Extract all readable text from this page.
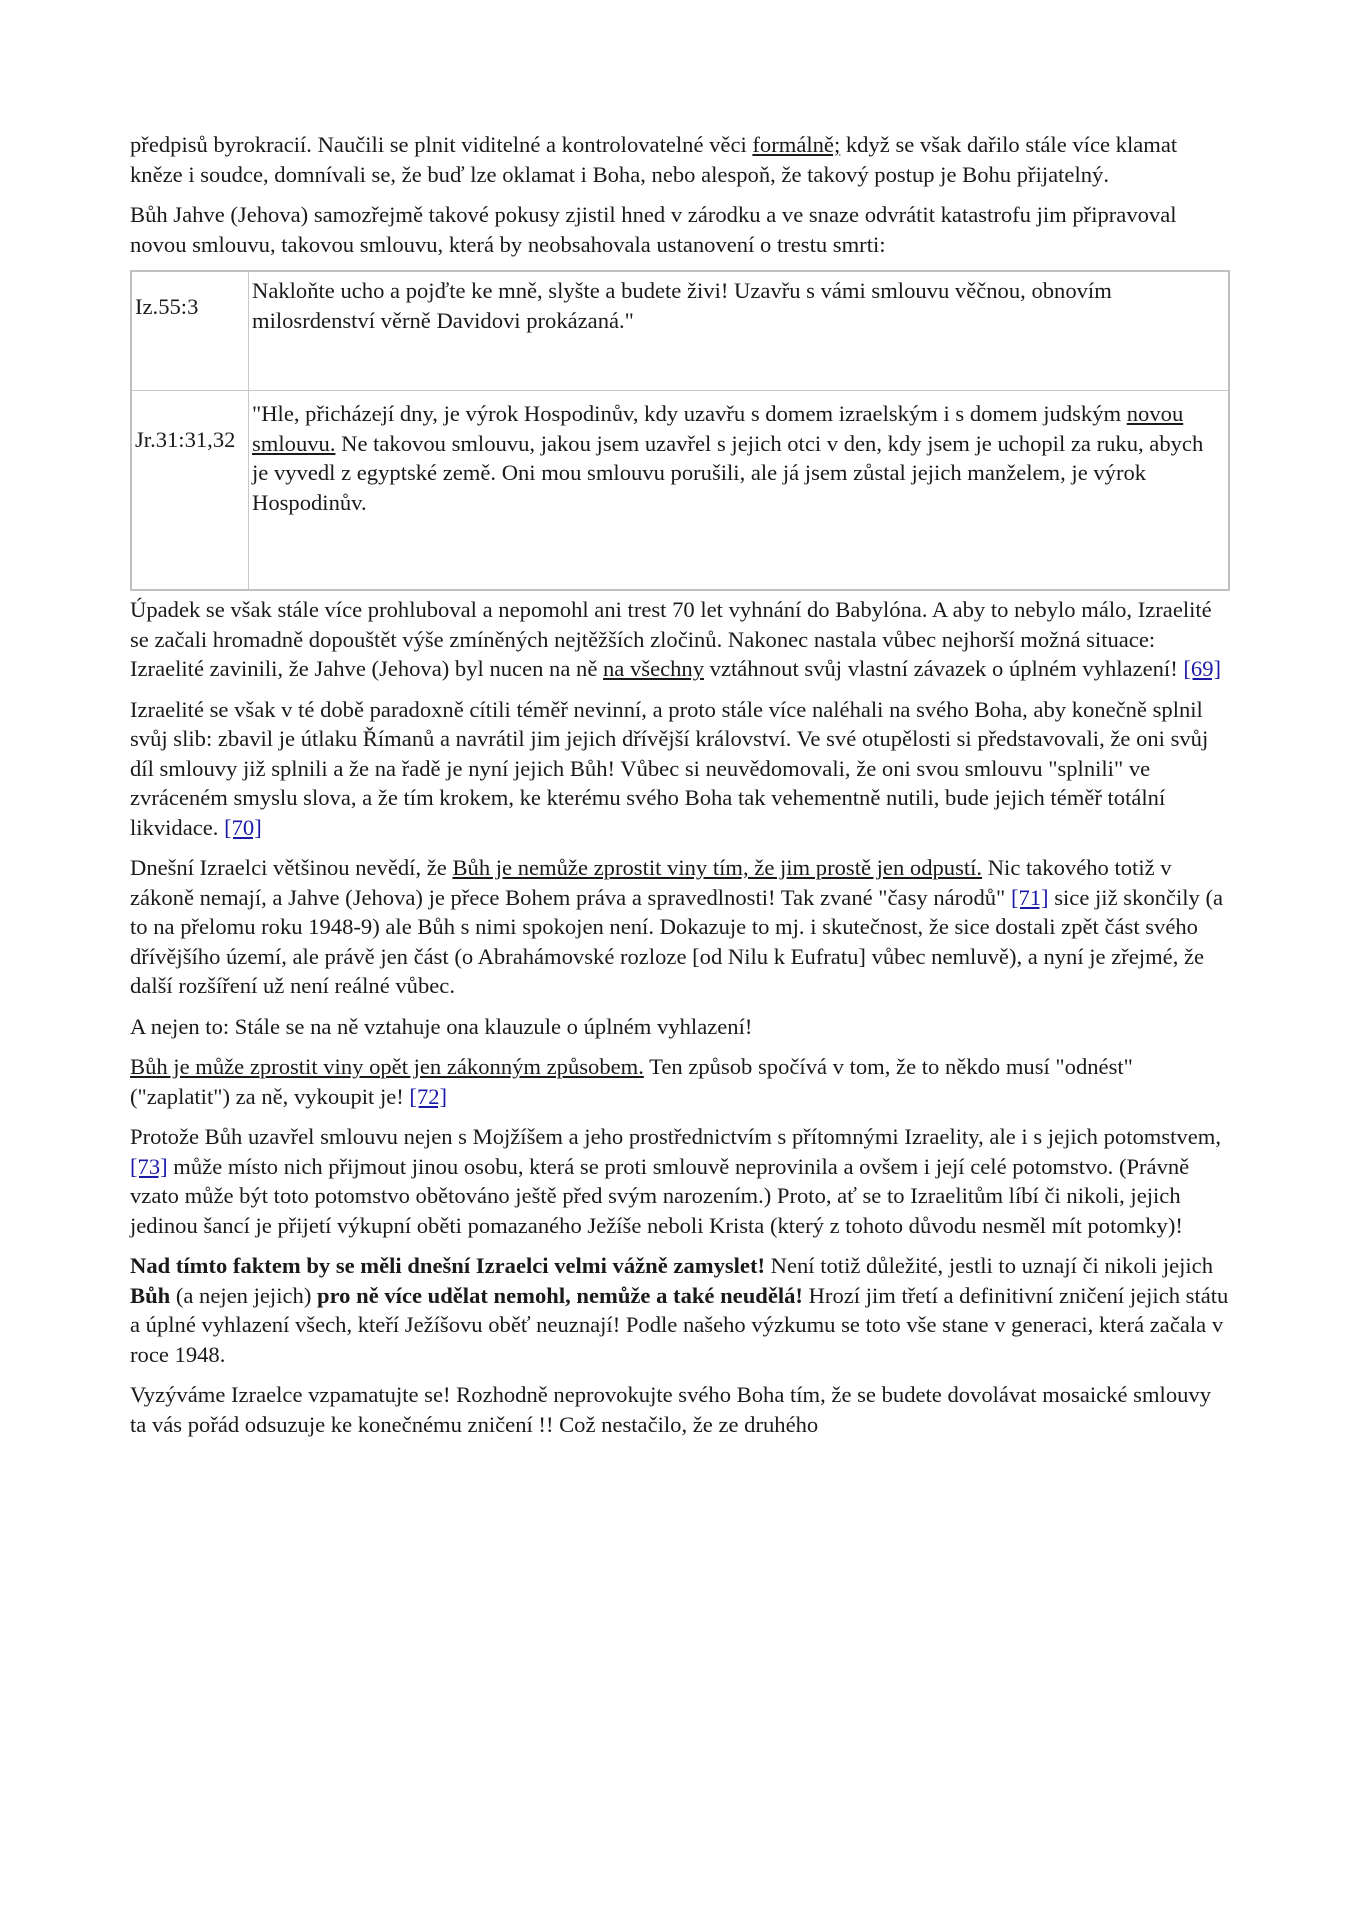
předpisů byrokracií. Naučili se plnit viditelné a kontrolovatelné věci formálně; když se však dařilo stále více klamat kněze i soudce, domnívali se, že buď lze oklamat i Boha, nebo alespoň, že takový postup je Bohu přijatelný.

Bůh Jahve (Jehova) samozřejmě takové pokusy zjistil hned v zárodku a ve snaze odvrátit katastrofu jim připravoval novou smlouvu, takovou smlouvu, která by neobsahovala ustanovení o trestu smrti:

Iz.55:3	Nakloňte ucho a pojďte ke mně, slyšte a budete živi! Uzavřu s vámi smlouvu věčnou, obnovím milosrdenství věrně Davidovi prokázaná."
Jr.31:31,32	"Hle, přicházejí dny, je výrok Hospodinův, kdy uzavřu s domem izraelským i s domem judským novou smlouvu. Ne takovou smlouvu, jakou jsem uzavřel s jejich otci v den, kdy jsem je uchopil za ruku, abych je vyvedl z egyptské země. Oni mou smlouvu porušili, ale já jsem zůstal jejich manželem, je výrok Hospodinův.

Úpadek se však stále více prohluboval a nepomohl ani trest 70 let vyhnání do Babylóna. A aby to nebylo málo, Izraelité se začali hromadně dopouštět výše zmíněných nejtěžších zločinů. Nakonec nastala vůbec nejhorší možná situace: Izraelité zavinili, že Jahve (Jehova) byl nucen na ně na všechny vztáhnout svůj vlastní závazek o úplném vyhlazení! [69]

Izraelité se však v té době paradoxně cítili téměř nevinní, a proto stále více naléhali na svého Boha, aby konečně splnil svůj slib: zbavil je útlaku Římanů a navrátil jim jejich dřívější království. Ve své otupělosti si představovali, že oni svůj díl smlouvy již splnili a že na řadě je nyní jejich Bůh! Vůbec si neuvědomovali, že oni svou smlouvu "splnili" ve zvráceném smyslu slova, a že tím krokem, ke kterému svého Boha tak vehementně nutili, bude jejich téměř totální likvidace. [70]

Dnešní Izraelci většinou nevědí, že Bůh je nemůže zprostit viny tím, že jim prostě jen odpustí. Nic takového totiž v zákoně nemají, a Jahve (Jehova) je přece Bohem práva a spravedlnosti! Tak zvané "časy národů" [71] sice již skončily (a to na přelomu roku 1948-9) ale Bůh s nimi spokojen není. Dokazuje to mj. i skutečnost, že sice dostali zpět část svého dřívějšího území, ale právě jen část (o Abrahámovské rozloze [od Nilu k Eufratu] vůbec nemluvě), a nyní je zřejmé, že další rozšíření už není reálné vůbec.

A nejen to: Stále se na ně vztahuje ona klauzule o úplném vyhlazení!

Bůh je může zprostit viny opět jen zákonným způsobem. Ten způsob spočívá v tom, že to někdo musí "odnést" ("zaplatit") za ně, vykoupit je! [72]

Protože Bůh uzavřel smlouvu nejen s Mojžíšem a jeho prostřednictvím s přítomnými Izraelity, ale i s jejich potomstvem, [73] může místo nich přijmout jinou osobu, která se proti smlouvě neprovinila a ovšem i její celé potomstvo. (Právně vzato může být toto potomstvo obětováno ještě před svým narozením.) Proto, ať se to Izraelitům líbí či nikoli, jejich jedinou šancí je přijetí výkupní oběti pomazaného Ježíše neboli Krista (který z tohoto důvodu nesměl mít potomky)!

Nad tímto faktem by se měli dnešní Izraelci velmi vážně zamyslet! Není totiž důležité, jestli to uznají či nikoli jejich Bůh (a nejen jejich) pro ně více udělat nemohl, nemůže a také neudělá! Hrozí jim třetí a definitivní zničení jejich státu a úplné vyhlazení všech, kteří Ježíšovu oběť neuznají! Podle našeho výzkumu se toto vše stane v generaci, která začala v roce 1948.

Vyzýváme Izraelce vzpamatujte se! Rozhodně neprovokujte svého Boha tím, že se budete dovolávat mosaické smlouvy ta vás pořád odsuzuje ke konečnému zničení !! Což nestačilo, že ze druhého
